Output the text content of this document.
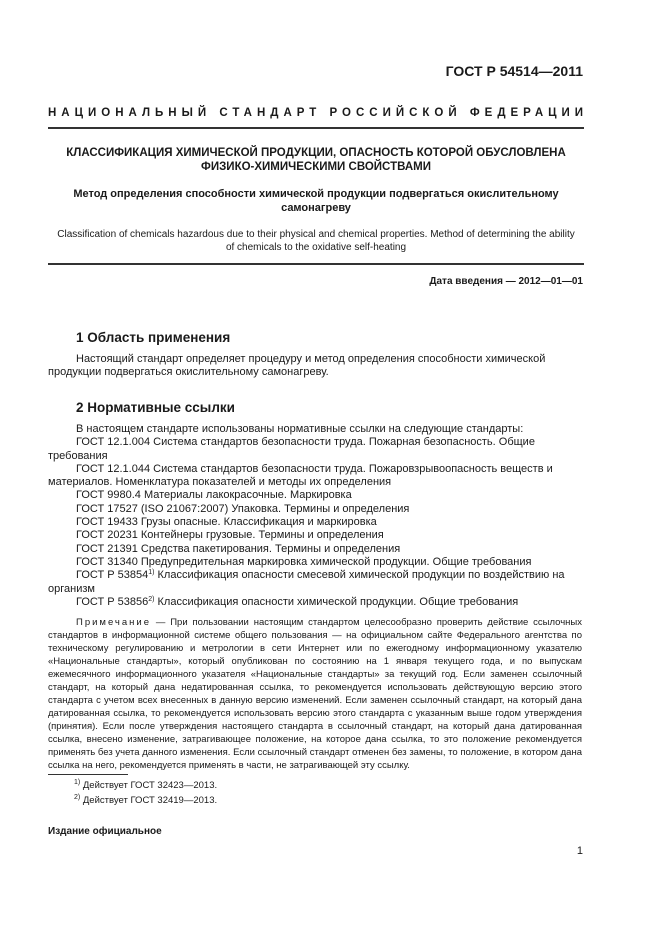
ГОСТ Р 54514—2011
НАЦИОНАЛЬНЫЙ СТАНДАРТ РОССИЙСКОЙ ФЕДЕРАЦИИ
КЛАССИФИКАЦИЯ ХИМИЧЕСКОЙ ПРОДУКЦИИ, ОПАСНОСТЬ КОТОРОЙ ОБУСЛОВЛЕНА
ФИЗИКО-ХИМИЧЕСКИМИ СВОЙСТВАМИ
Метод определения способности химической продукции подвергаться окислительному
самонагреву
Classification of chemicals hazardous due to their physical and chemical properties. Method of determining the ability
of chemicals to the oxidative self-heating
Дата введения — 2012—01—01
1 Область применения
Настоящий стандарт определяет процедуру и метод определения способности химической продукции подвергаться окислительному самонагреву.
2 Нормативные ссылки
В настоящем стандарте использованы нормативные ссылки на следующие стандарты:
ГОСТ 12.1.004 Система стандартов безопасности труда. Пожарная безопасность. Общие требования
ГОСТ 12.1.044 Система стандартов безопасности труда. Пожаровзрывоопасность веществ и материалов. Номенклатура показателей и методы их определения
ГОСТ 9980.4 Материалы лакокрасочные. Маркировка
ГОСТ 17527 (ISO 21067:2007) Упаковка. Термины и определения
ГОСТ 19433 Грузы опасные. Классификация и маркировка
ГОСТ 20231 Контейнеры грузовые. Термины и определения
ГОСТ 21391 Средства пакетирования. Термины и определения
ГОСТ 31340 Предупредительная маркировка химической продукции. Общие требования
ГОСТ Р 53854$^{1)}$ Классификация опасности смесевой химической продукции по воздействию на организм
ГОСТ Р 53856$^{2)}$ Классификация опасности химической продукции. Общие требования
Примечание — При пользовании настоящим стандартом целесообразно проверить действие ссылочных стандартов в информационной системе общего пользования — на официальном сайте Федерального агентства по техническому регулированию и метрологии в сети Интернет или по ежегодному информационному указателю «Национальные стандарты», который опубликован по состоянию на 1 января текущего года, и по выпускам ежемесячного информационного указателя «Национальные стандарты» за текущий год. Если заменен ссылочный стандарт, на который дана недатированная ссылка, то рекомендуется использовать действующую версию этого стандарта с учетом всех внесенных в данную версию изменений. Если заменен ссылочный стандарт, на который дана датированная ссылка, то рекомендуется использовать версию этого стандарта с указанным выше годом утверждения (принятия). Если после утверждения настоящего стандарта в ссылочный стандарт, на который дана датированная ссылка, внесено изменение, затрагивающее положение, на которое дана ссылка, то это положение рекомендуется применять без учета данного изменения. Если ссылочный стандарт отменен без замены, то положение, в котором дана ссылка на него, рекомендуется применять в части, не затрагивающей эту ссылку.
$^{1)}$ Действует ГОСТ 32423—2013.
$^{2)}$ Действует ГОСТ 32419—2013.
Издание официальное
1
